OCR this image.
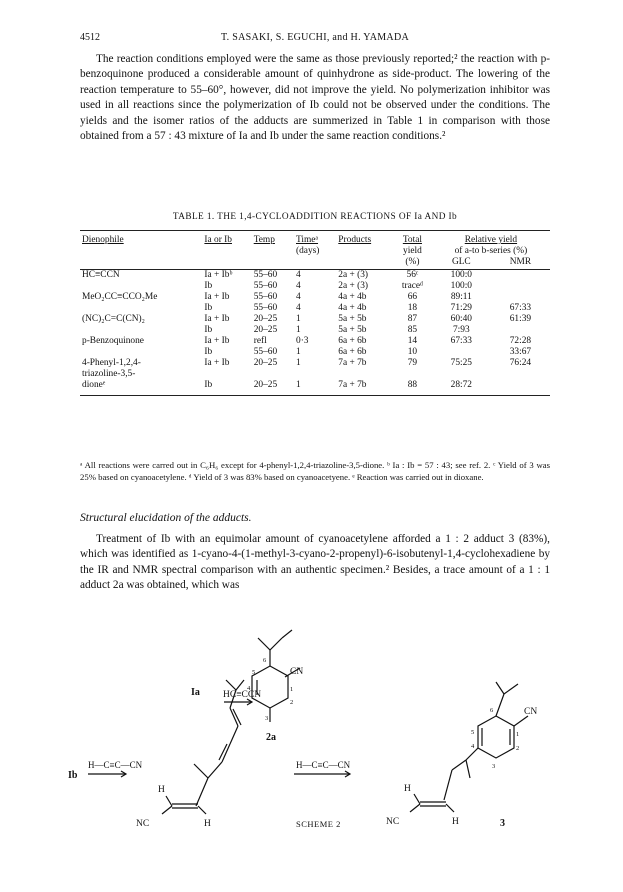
4512	T. SASAKI, S. EGUCHI, and H. YAMADA

The reaction conditions employed were the same as those previously reported;² the reaction with p-benzoquinone produced a considerable amount of quinhydrone as side-product. The lowering of the reaction temperature to 55–60°, however, did not improve the yield. No polymerization inhibitor was used in all reactions since the polymerization of Ib could not be observed under the conditions. The yields and the isomer ratios of the adducts are summerized in Table 1 in comparison with those obtained from a 57 : 43 mixture of Ia and Ib under the same reaction conditions.²

TABLE 1. THE 1,4-CYCLOADDITION REACTIONS OF Ia AND Ib
Dienophile	Ia or Ib	Temp	Timeᵃ	Products	Total	Relative yield	
			(days)		yield	of a-to b-series (%)	
					(%)	GLC	NMR
HC≡CCN	Ia + Ibᵇ	55–60	4	2a + (3)	56ᶜ	100:0	
	Ib	55–60	4	2a + (3)	traceᵈ	100:0	
MeO₂CC≡CCO₂Me	Ia + Ib	55–60	4	4a + 4b	66	89:11	
	Ib	55–60	4	4a + 4b	18	71:29	67:33
(NC)₂C=C(CN)₂	Ia + Ib	20–25	1	5a + 5b	87	60:40	61:39
	Ib	20–25	1	5a + 5b	85	7:93	
p-Benzoquinone	Ia + Ib	refl	0·3	6a + 6b	14	67:33	72:28
	Ib	55–60	1	6a + 6b	10		33:67
4-Phenyl-1,2,4-	Ia + Ib	20–25	1	7a + 7b	79	75:25	76:24
triazoline-3,5-							
dioneᵉ	Ib	20–25	1	7a + 7b	88	28:72	

ᵃ All reactions were carred out in C₆H₆ except for 4-phenyl-1,2,4-triazoline-3,5-dione. ᵇ Ia : Ib = 57 : 43; see ref. 2. ᶜ Yield of 3 was 25% based on cyanoacetylene. ᵈ Yield of 3 was 83% based on cyanoacetyene. ᵉ Reaction was carried out in dioxane.

Structural elucidation of the adducts.

Treatment of Ib with an equimolar amount of cyanoacetylene afforded a 1 : 2 adduct 3 (83%), which was identified as 1-cyano-4-(1-methyl-3-cyano-2-propenyl)-6-isobutenyl-1,4-cyclohexadiene by the IR and NMR spectral comparison with an authentic specimen.² Besides, a trace amount of a 1 : 1 adduct 2a was obtained, which was

Ia HC≡CCN
CN
2a
6
4	1
2
3
5
Ib
H—C≡C—CN	H—C≡C—CN
H
NC	H	SCHEME 2
CN
6
5
4
1
2
3
H
NC	H	3
